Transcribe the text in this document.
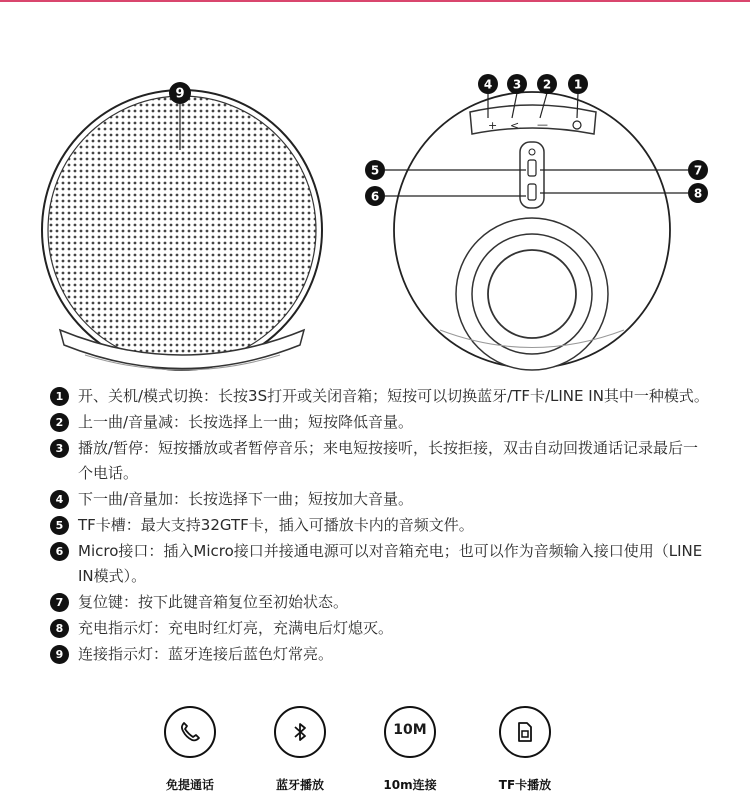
9
+ < —
4 3 2 1
5
6
7
8
1 开、关机/模式切换：长按3S打开或关闭音箱；短按可以切换蓝牙/TF卡/LINE IN其中一种模式。
2 上一曲/音量减：长按选择上一曲；短按降低音量。
3 播放/暂停：短按播放或者暂停音乐；来电短按接听，长按拒接，双击自动回拨通话记录最后一个电话。
4 下一曲/音量加：长按选择下一曲；短按加大音量。
5 TF卡槽：最大支持32GTF卡，插入可播放卡内的音频文件。
6 Micro接口：插入Micro接口并接通电源可以对音箱充电；也可以作为音频输入接口使用（LINE IN模式）。
7 复位键：按下此键音箱复位至初始状态。
8 充电指示灯：充电时红灯亮，充满电后灯熄灭。
9 连接指示灯：蓝牙连接后蓝色灯常亮。
免提通话	蓝牙播放
10M
10m连接	TF卡播放
